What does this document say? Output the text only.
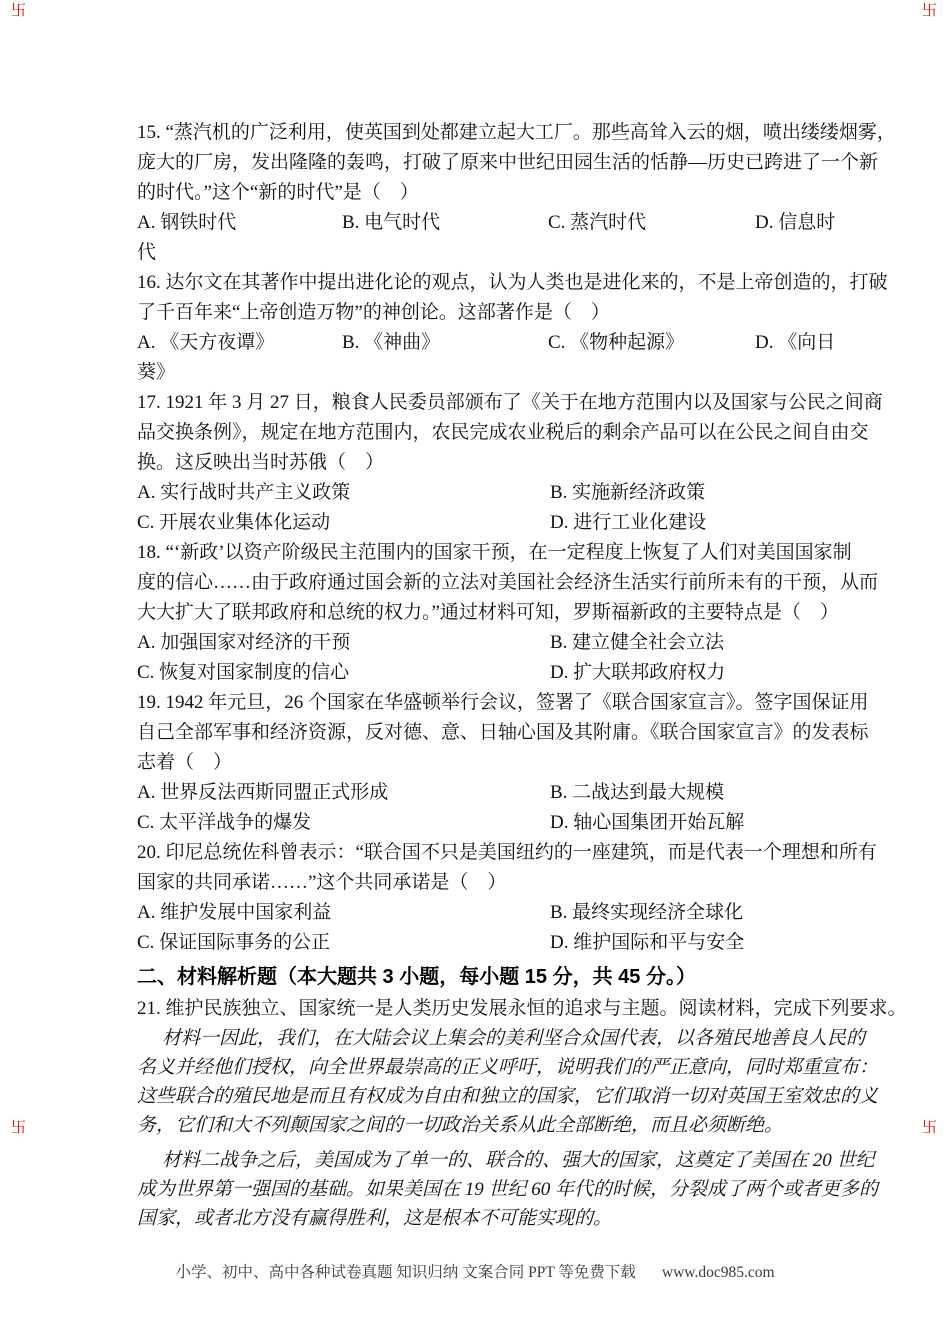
卐	卐
卐	卐
15. “蒸汽机的广泛利用，使英国到处都建立起大工厂。那些高耸入云的烟，喷出缕缕烟雾，
庞大的厂房，发出隆隆的轰鸣，打破了原来中世纪田园生活的恬静—历史已跨进了一个新
的时代。”这个“新的时代”是（　）
A. 钢铁时代	B. 电气时代	C. 蒸汽时代	D. 信息时
代
16. 达尔文在其著作中提出进化论的观点，认为人类也是进化来的，不是上帝创造的，打破
了千百年来“上帝创造万物”的神创论。这部著作是（　）
A. 《天方夜谭》	B. 《神曲》	C. 《物种起源》	D. 《向日
葵》
17. 1921 年 3 月 27 日，粮食人民委员部颁布了《关于在地方范围内以及国家与公民之间商
品交换条例》，规定在地方范围内，农民完成农业税后的剩余产品可以在公民之间自由交
换。这反映出当时苏俄（　）
A. 实行战时共产主义政策	B. 实施新经济政策
C. 开展农业集体化运动	D. 进行工业化建设
18. “‘新政’以资产阶级民主范围内的国家干预，在一定程度上恢复了人们对美国国家制
度的信心……由于政府通过国会新的立法对美国社会经济生活实行前所未有的干预，从而
大大扩大了联邦政府和总统的权力。”通过材料可知，罗斯福新政的主要特点是（　）
A. 加强国家对经济的干预	B. 建立健全社会立法
C. 恢复对国家制度的信心	D. 扩大联邦政府权力
19. 1942 年元旦，26 个国家在华盛顿举行会议，签署了《联合国家宣言》。签字国保证用
自己全部军事和经济资源，反对德、意、日轴心国及其附庸。《联合国家宣言》的发表标
志着（　）
A. 世界反法西斯同盟正式形成	B. 二战达到最大规模
C. 太平洋战争的爆发	D. 轴心国集团开始瓦解
20. 印尼总统佐科曾表示：“联合国不只是美国纽约的一座建筑，而是代表一个理想和所有
国家的共同承诺……”这个共同承诺是（　）
A. 维护发展中国家利益	B. 最终实现经济全球化
C. 保证国际事务的公正	D. 维护国际和平与安全
二、材料解析题（本大题共 3 小题，每小题 15 分，共 45 分。）
21. 维护民族独立、国家统一是人类历史发展永恒的追求与主题。阅读材料，完成下列要求。
材料一因此，我们，在大陆会议上集会的美利坚合众国代表，以各殖民地善良人民的
名义并经他们授权，向全世界最崇高的正义呼吁，说明我们的严正意向，同时郑重宣布：
这些联合的殖民地是而且有权成为自由和独立的国家，它们取消一切对英国王室效忠的义
务，它们和大不列颠国家之间的一切政治关系从此全部断绝，而且必须断绝。
材料二战争之后，美国成为了单一的、联合的、强大的国家，这奠定了美国在 20 世纪
成为世界第一强国的基础。如果美国在 19 世纪 60 年代的时候，分裂成了两个或者更多的
国家，或者北方没有赢得胜利，这是根本不可能实现的。
小学、初中、高中各种试卷真题 知识归纳 文案合同 PPT 等免费下载 www.doc985.com
